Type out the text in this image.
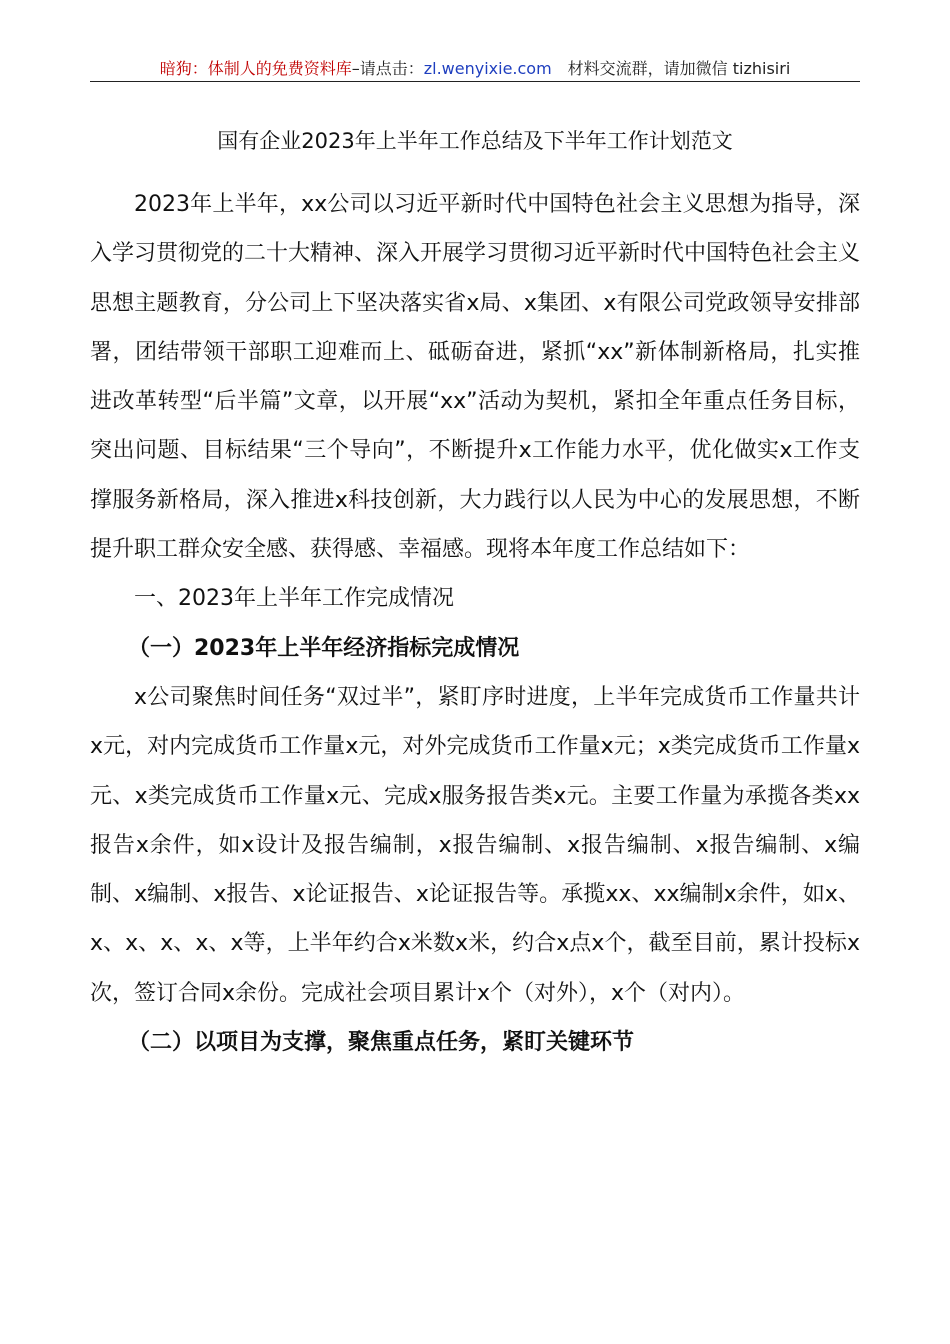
暗狗：体制人的免费资料库–请点击：zl.wenyixie.com 材料交流群，请加微信 tizhisiri
国有企业2023年上半年工作总结及下半年工作计划范文

2023年上半年，xx公司以习近平新时代中国特色社会主义思想为指导，深入学习贯彻党的二十大精神、深入开展学习贯彻习近平新时代中国特色社会主义思想主题教育，分公司上下坚决落实省x局、x集团、x有限公司党政领导安排部署，团结带领干部职工迎难而上、砥砺奋进，紧抓“xx”新体制新格局，扎实推进改革转型“后半篇”文章，以开展“xx”活动为契机，紧扣全年重点任务目标，突出问题、目标结果“三个导向”，不断提升x工作能力水平，优化做实x工作支撑服务新格局，深入推进x科技创新，大力践行以人民为中心的发展思想，不断提升职工群众安全感、获得感、幸福感。现将本年度工作总结如下：

一、2023年上半年工作完成情况

（一）2023年上半年经济指标完成情况

x公司聚焦时间任务“双过半”，紧盯序时进度，上半年完成货币工作量共计x元，对内完成货币工作量x元，对外完成货币工作量x元；x类完成货币工作量x元、x类完成货币工作量x元、完成x服务报告类x元。主要工作量为承揽各类xx报告x余件，如x设计及报告编制，x报告编制、x报告编制、x报告编制、x编制、x编制、x报告、x论证报告、x论证报告等。承揽xx、xx编制x余件，如x、x、x、x、x、x等，上半年约合x米数x米，约合x点x个，截至目前，累计投标x次，签订合同x余份。完成社会项目累计x个（对外），x个（对内）。

（二）以项目为支撑，聚焦重点任务，紧盯关键环节
